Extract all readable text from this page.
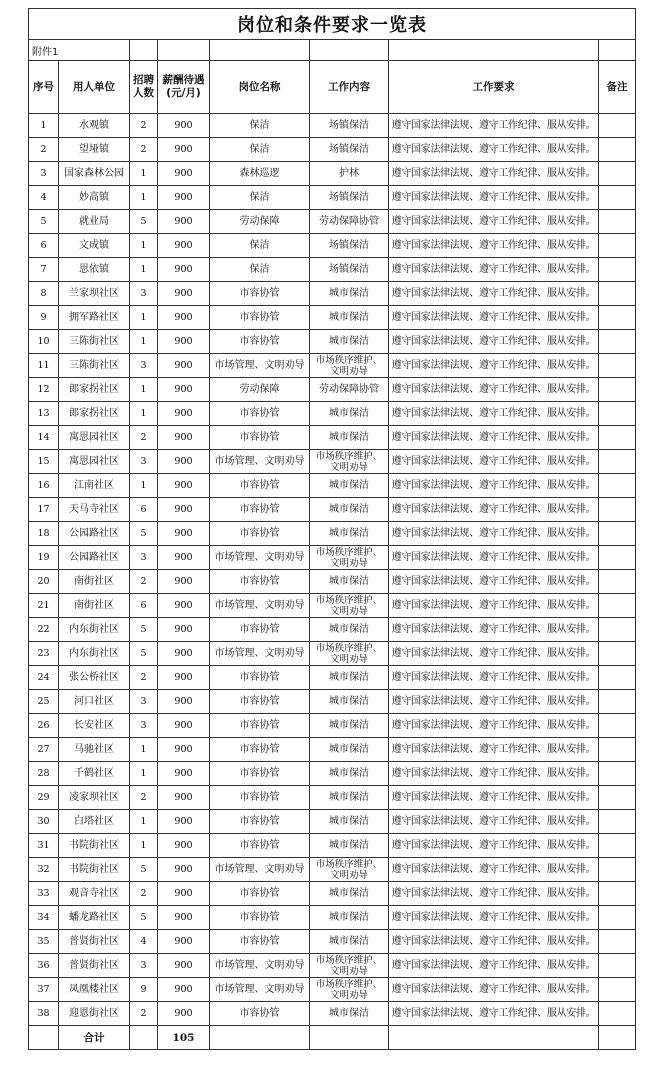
岗位和条件要求一览表							
附件1							
序号	用人单位	招聘
人数	薪酬待遇
(元/月)	岗位名称	工作内容	工作要求	备注
1	水观镇	2	900	保洁	场镇保洁	遵守国家法律法规、遵守工作纪律、服从安排。	
2	望垭镇	2	900	保洁	场镇保洁	遵守国家法律法规、遵守工作纪律、服从安排。	
3	国家森林公园	1	900	森林巡逻	护林	遵守国家法律法规、遵守工作纪律、服从安排。	
4	妙高镇	1	900	保洁	场镇保洁	遵守国家法律法规、遵守工作纪律、服从安排。	
5	就业局	5	900	劳动保障	劳动保障协管	遵守国家法律法规、遵守工作纪律、服从安排。	
6	文成镇	1	900	保洁	场镇保洁	遵守国家法律法规、遵守工作纪律、服从安排。	
7	思依镇	1	900	保洁	场镇保洁	遵守国家法律法规、遵守工作纪律、服从安排。	
8	兰家坝社区	3	900	市容协管	城市保洁	遵守国家法律法规、遵守工作纪律、服从安排。	
9	拥军路社区	1	900	市容协管	城市保洁	遵守国家法律法规、遵守工作纪律、服从安排。	
10	三陈街社区	1	900	市容协管	城市保洁	遵守国家法律法规、遵守工作纪律、服从安排。	
11	三陈街社区	3	900	市场管理、文明劝导	市场秩序维护、
文明劝导	遵守国家法律法规、遵守工作纪律、服从安排。	
12	郎家拐社区	1	900	劳动保障	劳动保障协管	遵守国家法律法规、遵守工作纪律、服从安排。	
13	郎家拐社区	1	900	市容协管	城市保洁	遵守国家法律法规、遵守工作纪律、服从安排。	
14	寓思园社区	2	900	市容协管	城市保洁	遵守国家法律法规、遵守工作纪律、服从安排。	
15	寓思园社区	3	900	市场管理、文明劝导	市场秩序维护、
文明劝导	遵守国家法律法规、遵守工作纪律、服从安排。	
16	江南社区	1	900	市容协管	城市保洁	遵守国家法律法规、遵守工作纪律、服从安排。	
17	天马寺社区	6	900	市容协管	城市保洁	遵守国家法律法规、遵守工作纪律、服从安排。	
18	公园路社区	5	900	市容协管	城市保洁	遵守国家法律法规、遵守工作纪律、服从安排。	
19	公园路社区	3	900	市场管理、文明劝导	市场秩序维护、
文明劝导	遵守国家法律法规、遵守工作纪律、服从安排。	
20	南街社区	2	900	市容协管	城市保洁	遵守国家法律法规、遵守工作纪律、服从安排。	
21	南街社区	6	900	市场管理、文明劝导	市场秩序维护、
文明劝导	遵守国家法律法规、遵守工作纪律、服从安排。	
22	内东街社区	5	900	市容协管	城市保洁	遵守国家法律法规、遵守工作纪律、服从安排。	
23	内东街社区	5	900	市场管理、文明劝导	市场秩序维护、
文明劝导	遵守国家法律法规、遵守工作纪律、服从安排。	
24	张公桥社区	2	900	市容协管	城市保洁	遵守国家法律法规、遵守工作纪律、服从安排。	
25	河口社区	3	900	市容协管	城市保洁	遵守国家法律法规、遵守工作纪律、服从安排。	
26	长安社区	3	900	市容协管	城市保洁	遵守国家法律法规、遵守工作纪律、服从安排。	
27	马驰社区	1	900	市容协管	城市保洁	遵守国家法律法规、遵守工作纪律、服从安排。	
28	千鹤社区	1	900	市容协管	城市保洁	遵守国家法律法规、遵守工作纪律、服从安排。	
29	凌家坝社区	2	900	市容协管	城市保洁	遵守国家法律法规、遵守工作纪律、服从安排。	
30	白塔社区	1	900	市容协管	城市保洁	遵守国家法律法规、遵守工作纪律、服从安排。	
31	书院街社区	1	900	市容协管	城市保洁	遵守国家法律法规、遵守工作纪律、服从安排。	
32	书院街社区	5	900	市场管理、文明劝导	市场秩序维护、
文明劝导	遵守国家法律法规、遵守工作纪律、服从安排。	
33	观音寺社区	2	900	市容协管	城市保洁	遵守国家法律法规、遵守工作纪律、服从安排。	
34	蟠龙路社区	5	900	市容协管	城市保洁	遵守国家法律法规、遵守工作纪律、服从安排。	
35	普贤街社区	4	900	市容协管	城市保洁	遵守国家法律法规、遵守工作纪律、服从安排。	
36	普贤街社区	3	900	市场管理、文明劝导	市场秩序维护、
文明劝导	遵守国家法律法规、遵守工作纪律、服从安排。	
37	凤凰楼社区	9	900	市场管理、文明劝导	市场秩序维护、
文明劝导	遵守国家法律法规、遵守工作纪律、服从安排。	
38	迎恩街社区	2	900	市容协管	城市保洁	遵守国家法律法规、遵守工作纪律、服从安排。	
	合计		105				
